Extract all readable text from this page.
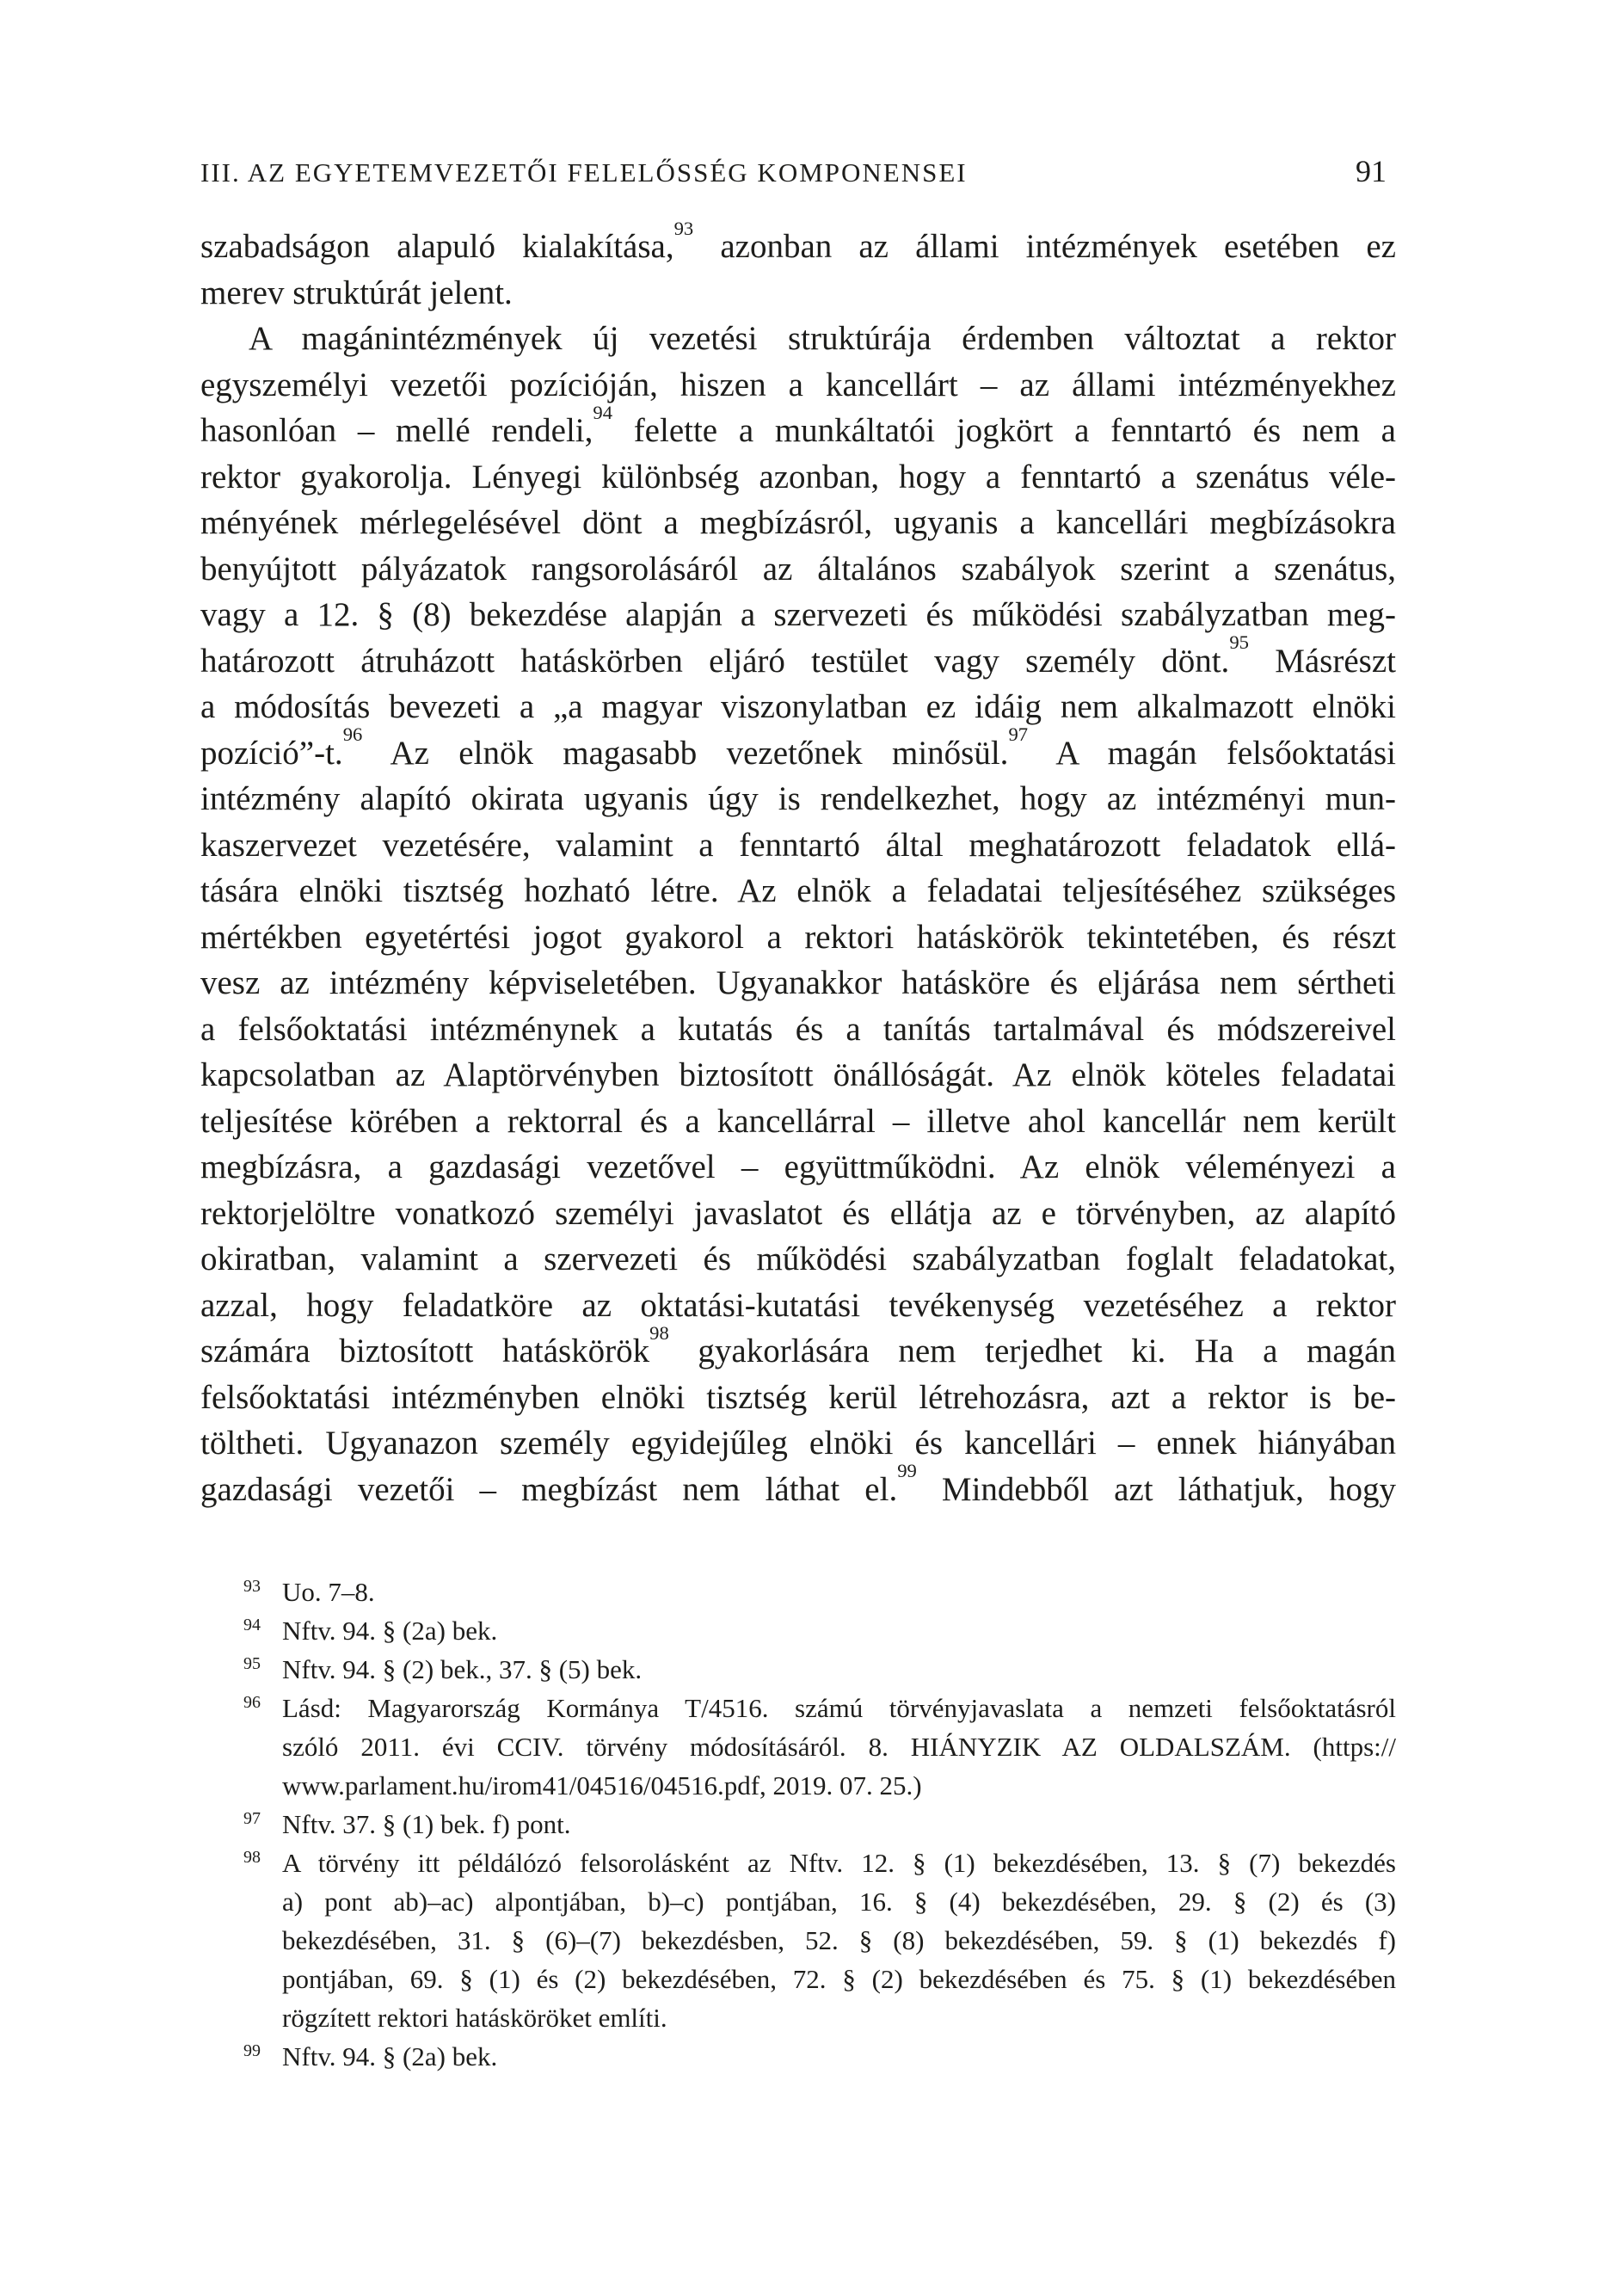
III. AZ EGYETEMVEZETŐI FELELŐSSÉG KOMPONENSEI	91
szabadságon alapuló kialakítása,$^{93}$ azonban az állami intézmények esetében ez
merev struktúrát jelent.
A magánintézmények új vezetési struktúrája érdemben változtat a rektor
egyszemélyi vezetői pozícióján, hiszen a kancellárt – az állami intézményekhez
hasonlóan – mellé rendeli,$^{94}$ felette a munkáltatói jogkört a fenntartó és nem a
rektor gyakorolja. Lényegi különbség azonban, hogy a fenntartó a szenátus véle-
ményének mérlegelésével dönt a megbízásról, ugyanis a kancellári megbízásokra
benyújtott pályázatok rangsorolásáról az általános szabályok szerint a szenátus,
vagy a 12. § (8) bekezdése alapján a szervezeti és működési szabályzatban meg-
határozott átruházott hatáskörben eljáró testület vagy személy dönt.$^{95}$ Másrészt
a módosítás bevezeti a „a magyar viszonylatban ez idáig nem alkalmazott elnöki
pozíció”-t.$^{96}$ Az elnök magasabb vezetőnek minősül.$^{97}$ A magán felsőoktatási
intézmény alapító okirata ugyanis úgy is rendelkezhet, hogy az intézményi mun-
kaszervezet vezetésére, valamint a fenntartó által meghatározott feladatok ellá-
tására elnöki tisztség hozható létre. Az elnök a feladatai teljesítéséhez szükséges
mértékben egyetértési jogot gyakorol a rektori hatáskörök tekintetében, és részt
vesz az intézmény képviseletében. Ugyanakkor hatásköre és eljárása nem sértheti
a felsőoktatási intézménynek a kutatás és a tanítás tartalmával és módszereivel
kapcsolatban az Alaptörvényben biztosított önállóságát. Az elnök köteles feladatai
teljesítése körében a rektorral és a kancellárral – illetve ahol kancellár nem került
megbízásra, a gazdasági vezetővel – együttműködni. Az elnök véleményezi a
rektorjelöltre vonatkozó személyi javaslatot és ellátja az e törvényben, az alapító
okiratban, valamint a szervezeti és működési szabályzatban foglalt feladatokat,
azzal, hogy feladatköre az oktatási-kutatási tevékenység vezetéséhez a rektor
számára biztosított hatáskörök$^{98}$ gyakorlására nem terjedhet ki. Ha a magán
felsőoktatási intézményben elnöki tisztség kerül létrehozásra, azt a rektor is be-
töltheti. Ugyanazon személy egyidejűleg elnöki és kancellári – ennek hiányában
gazdasági vezetői – megbízást nem láthat el.$^{99}$ Mindebből azt láthatjuk, hogy
93 Uo. 7–8.
94 Nftv. 94. § (2a) bek.
95 Nftv. 94. § (2) bek., 37. § (5) bek.
96 Lásd: Magyarország Kormánya T/4516. számú törvényjavaslata a nemzeti felsőoktatásról
szóló 2011. évi CCIV. törvény módosításáról. 8. HIÁNYZIK AZ OLDALSZÁM. (https://
www.parlament.hu/irom41/04516/04516.pdf, 2019. 07. 25.)
97 Nftv. 37. § (1) bek. f) pont.
98 A törvény itt példálózó felsorolásként az Nftv. 12. § (1) bekezdésében, 13. § (7) bekezdés
a) pont ab)–ac) alpontjában, b)–c) pontjában, 16. § (4) bekezdésében, 29. § (2) és (3)
bekezdésében, 31. § (6)–(7) bekezdésben, 52. § (8) bekezdésében, 59. § (1) bekezdés f)
pontjában, 69. § (1) és (2) bekezdésében, 72. § (2) bekezdésében és 75. § (1) bekezdésében
rögzített rektori hatásköröket említi.
99 Nftv. 94. § (2a) bek.
